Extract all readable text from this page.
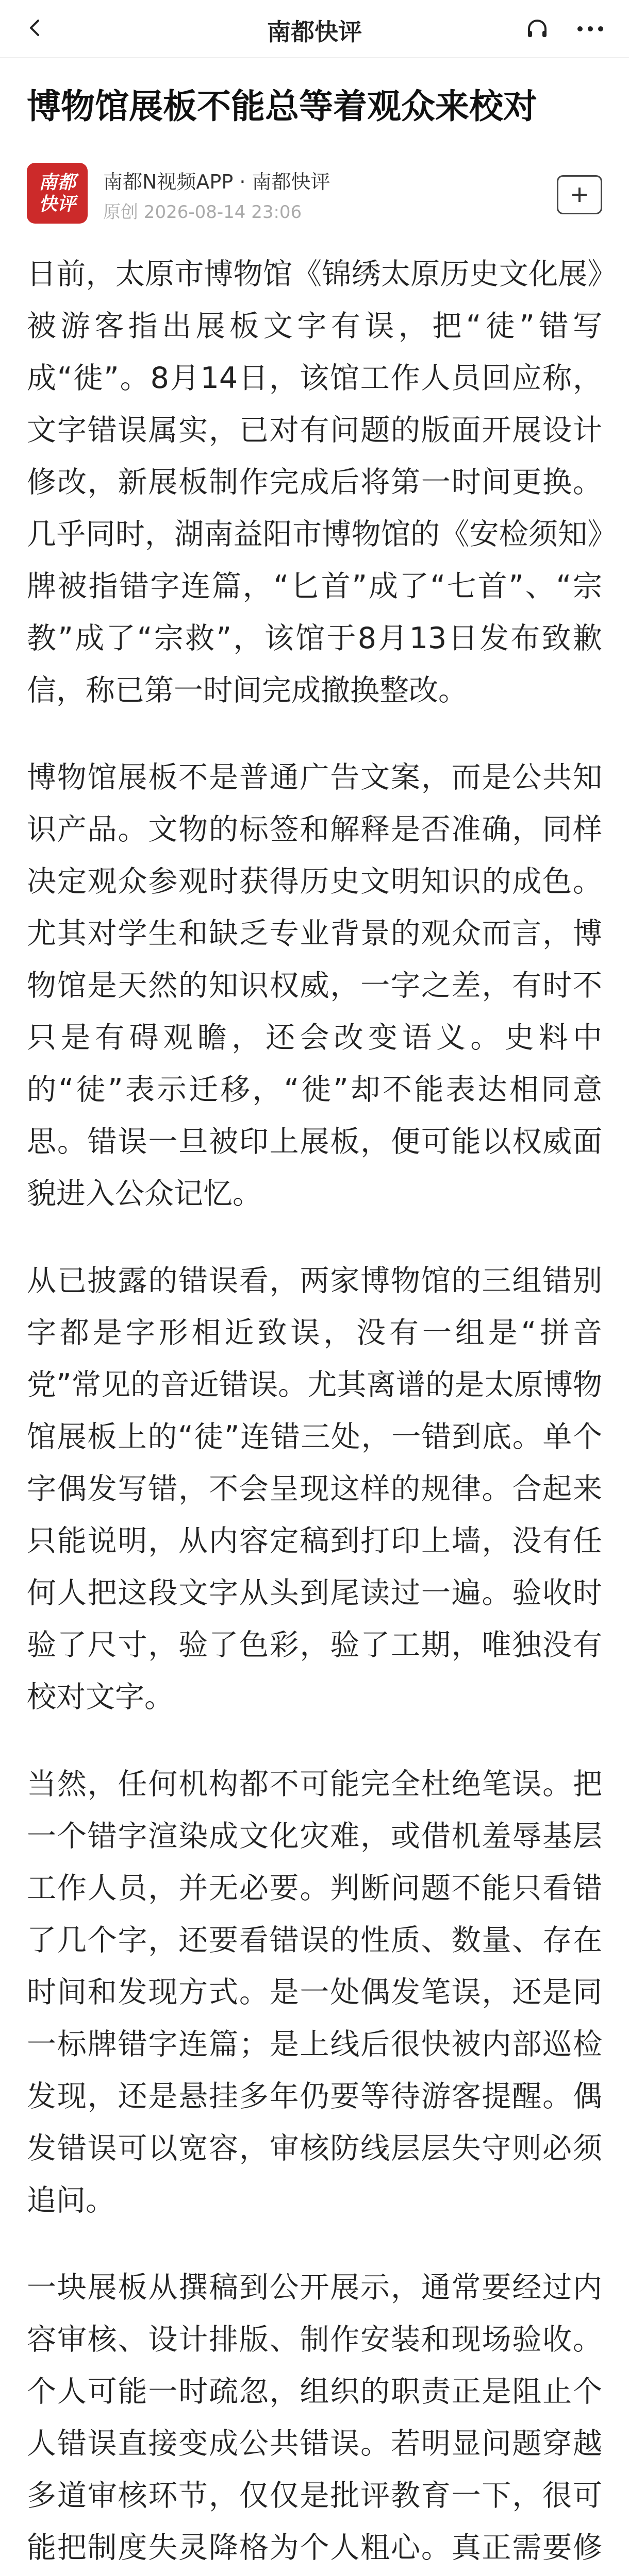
南都快评
博物馆展板不能总等着观众来校对
南都
快评
南都N视频APP · 南都快评
原创 2026-08-14 23:06

日前，太原市博物馆《锦绣太原历史文化展》被游客指出展板文字有误，把“徒”错写成“徙”。8月14日，该馆工作人员回应称，文字错误属实，已对有问题的版面开展设计修改，新展板制作完成后将第一时间更换。几乎同时，湖南益阳市博物馆的《安检须知》牌被指错字连篇，“匕首”成了“七首”、“宗教”成了“宗救”，该馆于8月13日发布致歉信，称已第一时间完成撤换整改。

博物馆展板不是普通广告文案，而是公共知识产品。文物的标签和解释是否准确，同样决定观众参观时获得历史文明知识的成色。尤其对学生和缺乏专业背景的观众而言，博物馆是天然的知识权威，一字之差，有时不只是有碍观瞻，还会改变语义。史料中的“徒”表示迁移，“徙”却不能表达相同意思。错误一旦被印上展板，便可能以权威面貌进入公众记忆。

从已披露的错误看，两家博物馆的三组错别字都是字形相近致误，没有一组是“拼音党”常见的音近错误。尤其离谱的是太原博物馆展板上的“徒”连错三处，一错到底。单个字偶发写错，不会呈现这样的规律。合起来只能说明，从内容定稿到打印上墙，没有任何人把这段文字从头到尾读过一遍。验收时验了尺寸，验了色彩，验了工期，唯独没有校对文字。

当然，任何机构都不可能完全杜绝笔误。把一个错字渲染成文化灾难，或借机羞辱基层工作人员，并无必要。判断问题不能只看错了几个字，还要看错误的性质、数量、存在时间和发现方式。是一处偶发笔误，还是同一标牌错字连篇；是上线后很快被内部巡检发现，还是悬挂多年仍要等待游客提醒。偶发错误可以宽容，审核防线层层失守则必须追问。

一块展板从撰稿到公开展示，通常要经过内容审核、设计排版、制作安装和现场验收。个人可能一时疏忽，组织的职责正是阻止个人错误直接变成公共错误。若明显问题穿越多道审核环节，仅仅是批评教育一下，很可能把制度失灵降格为个人粗心。真正需要修
